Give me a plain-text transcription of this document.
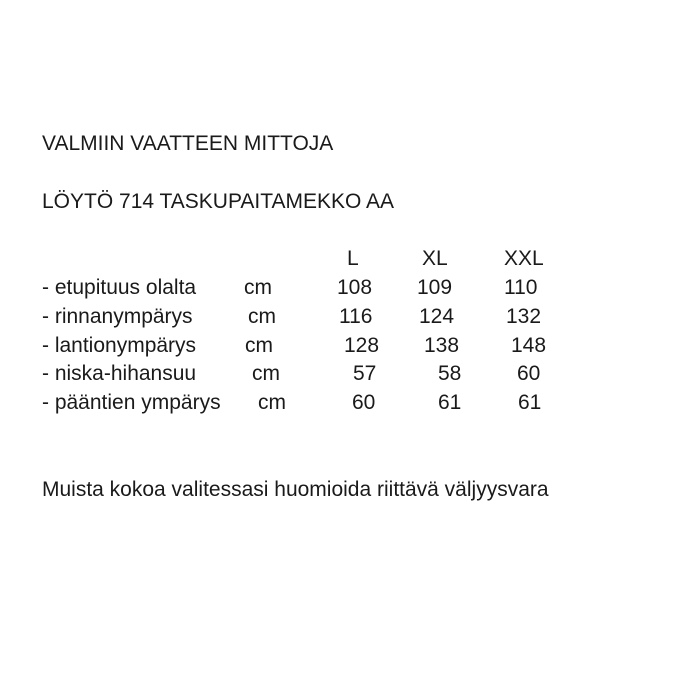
VALMIIN VAATTEEN MITTOJA
LÖYTÖ 714 TASKUPAITAMEKKO AA
L	XL	XXL
- etupituus olalta cm	108 109 110
- rinnanympärys	cm	116 124 132
- lantionympärys cm	128 138 148
- niska-hihansuu	cm	57	58	60
- pääntien ympärys cm	60	61	61
Muista kokoa valitessasi huomioida riittävä väljyysvara
